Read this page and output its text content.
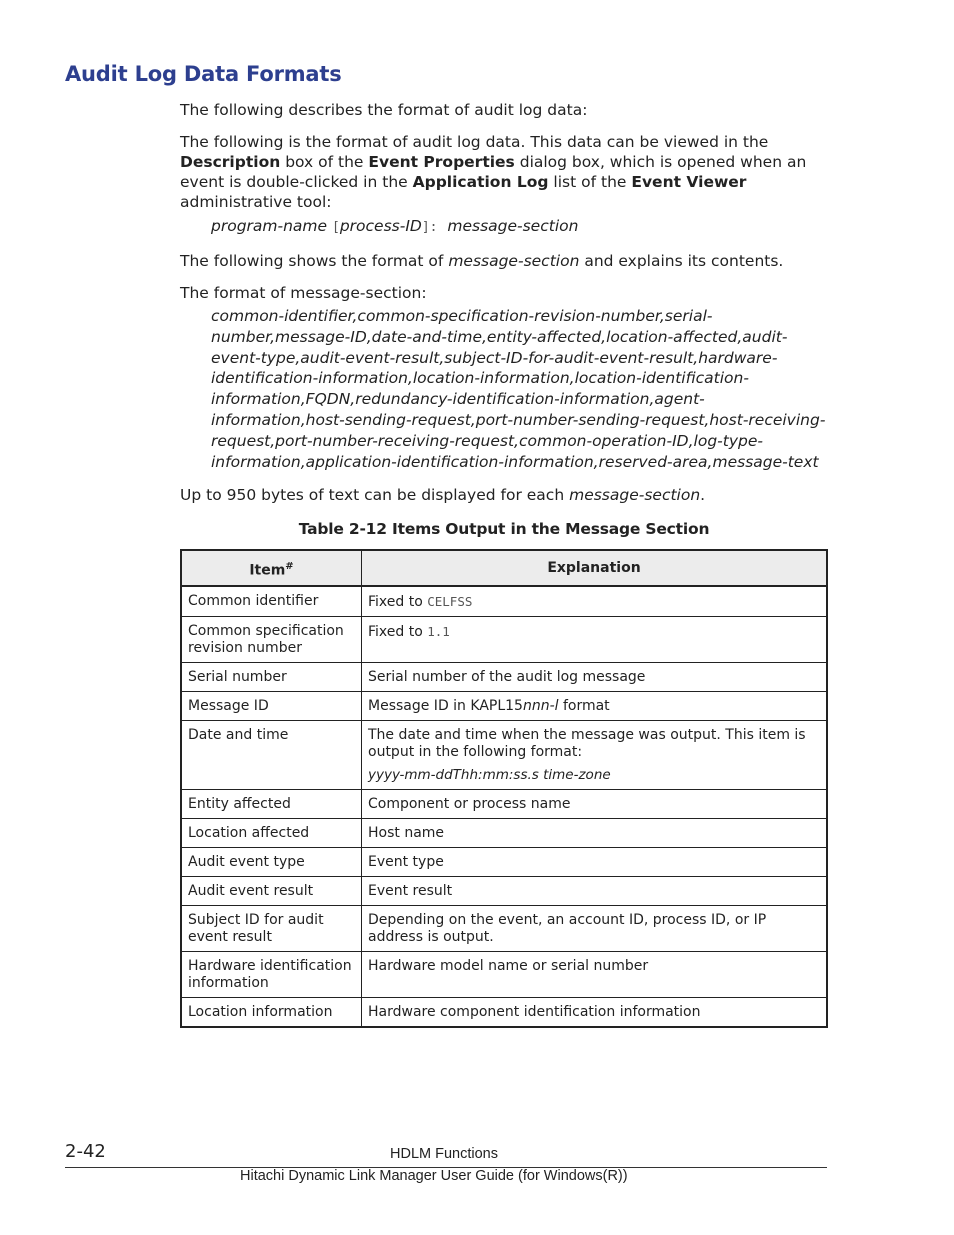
Audit Log Data Formats

The following describes the format of audit log data:

The following is the format of audit log data. This data can be viewed in the Description box of the Event Properties dialog box, which is opened when an event is double-clicked in the Application Log list of the Event Viewer administrative tool:

program-name [process-ID]: message-section

The following shows the format of message-section and explains its contents.

The format of message-section:

common-identifier,common-specification-revision-number,serial-number,message-ID,date-and-time,entity-affected,location-affected,audit-event-type,audit-event-result,subject-ID-for-audit-event-result,hardware-identification-information,location-information,location-identification-information,FQDN,redundancy-identification-information,agent-information,host-sending-request,port-number-sending-request,host-receiving-request,port-number-receiving-request,common-operation-ID,log-type-information,application-identification-information,reserved-area,message-text

Up to 950 bytes of text can be displayed for each message-section.

Table 2-12 Items Output in the Message Section

Item#	Explanation
Common identifier	Fixed to CELFSS
Common specification revision number	Fixed to 1.1
Serial number	Serial number of the audit log message
Message ID	Message ID in KAPL15nnn-l format
Date and time	The date and time when the message was output. This item is output in the following format:
yyyy-mm-ddThh:mm:ss.s time-zone

Entity affected	Component or process name
Location affected	Host name
Audit event type	Event type
Audit event result	Event result
Subject ID for audit event result	Depending on the event, an account ID, process ID, or IP address is output.
Hardware identification information	Hardware model name or serial number
Location information	Hardware component identification information
2-42	HDLM Functions
Hitachi Dynamic Link Manager User Guide (for Windows(R))
